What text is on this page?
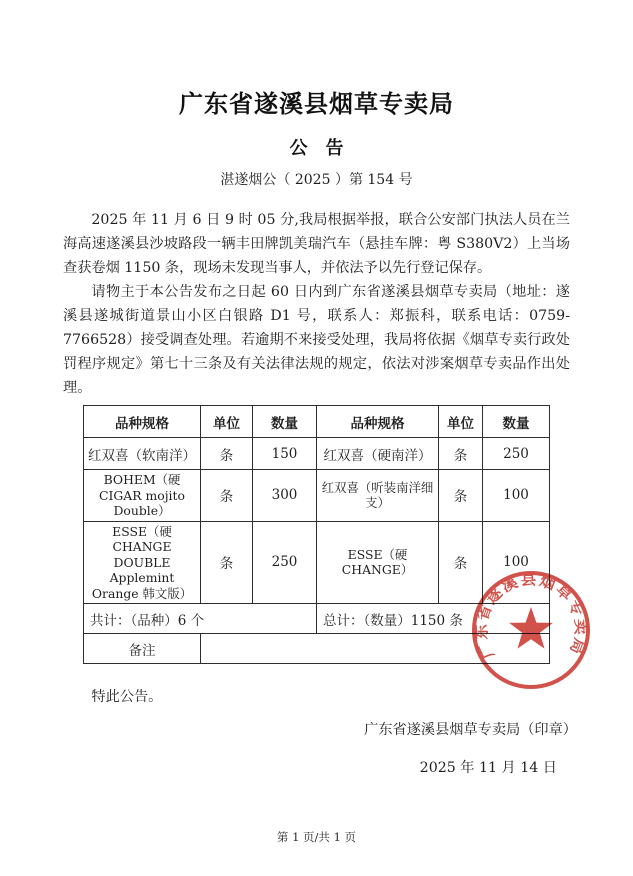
广东省遂溪县烟草专卖局
公　告
湛遂烟公（ 2025 ）第 154 号

2025 年 11 月 6 日 9 时 05 分,我局根据举报，联合公安部门执法人员在兰海高速遂溪县沙坡路段一辆丰田牌凯美瑞汽车（悬挂车牌：粤 S380V2）上当场查获卷烟 1150 条，现场未发现当事人，并依法予以先行登记保存。

请物主于本公告发布之日起 60 日内到广东省遂溪县烟草专卖局（地址：遂溪县遂城街道景山小区白银路 D1 号，联系人：郑振科，联系电话：0759-7766528）接受调查处理。若逾期不来接受处理，我局将依据《烟草专卖行政处罚程序规定》第七十三条及有关法律法规的规定，依法对涉案烟草专卖品作出处理。

品种规格	单位	数量	品种规格	单位	数量
红双喜（软南洋）	条	150	红双喜（硬南洋）	条	250
BOHEM（硬 CIGAR mojito Double）	条	300	红双喜（听装南洋细支）	条	100
ESSE（硬 CHANGE DOUBLE Applemint Orange 韩文版）	条	250	ESSE（硬 CHANGE）	条	100
共计：（品种）6 个			总计：（数量）1150 条		
备注					
特此公告。
广东省遂溪县烟草专卖局（印章）
2025 年 11 月 14 日
广东省遂溪县烟草专卖局
第 1 页/共 1 页
